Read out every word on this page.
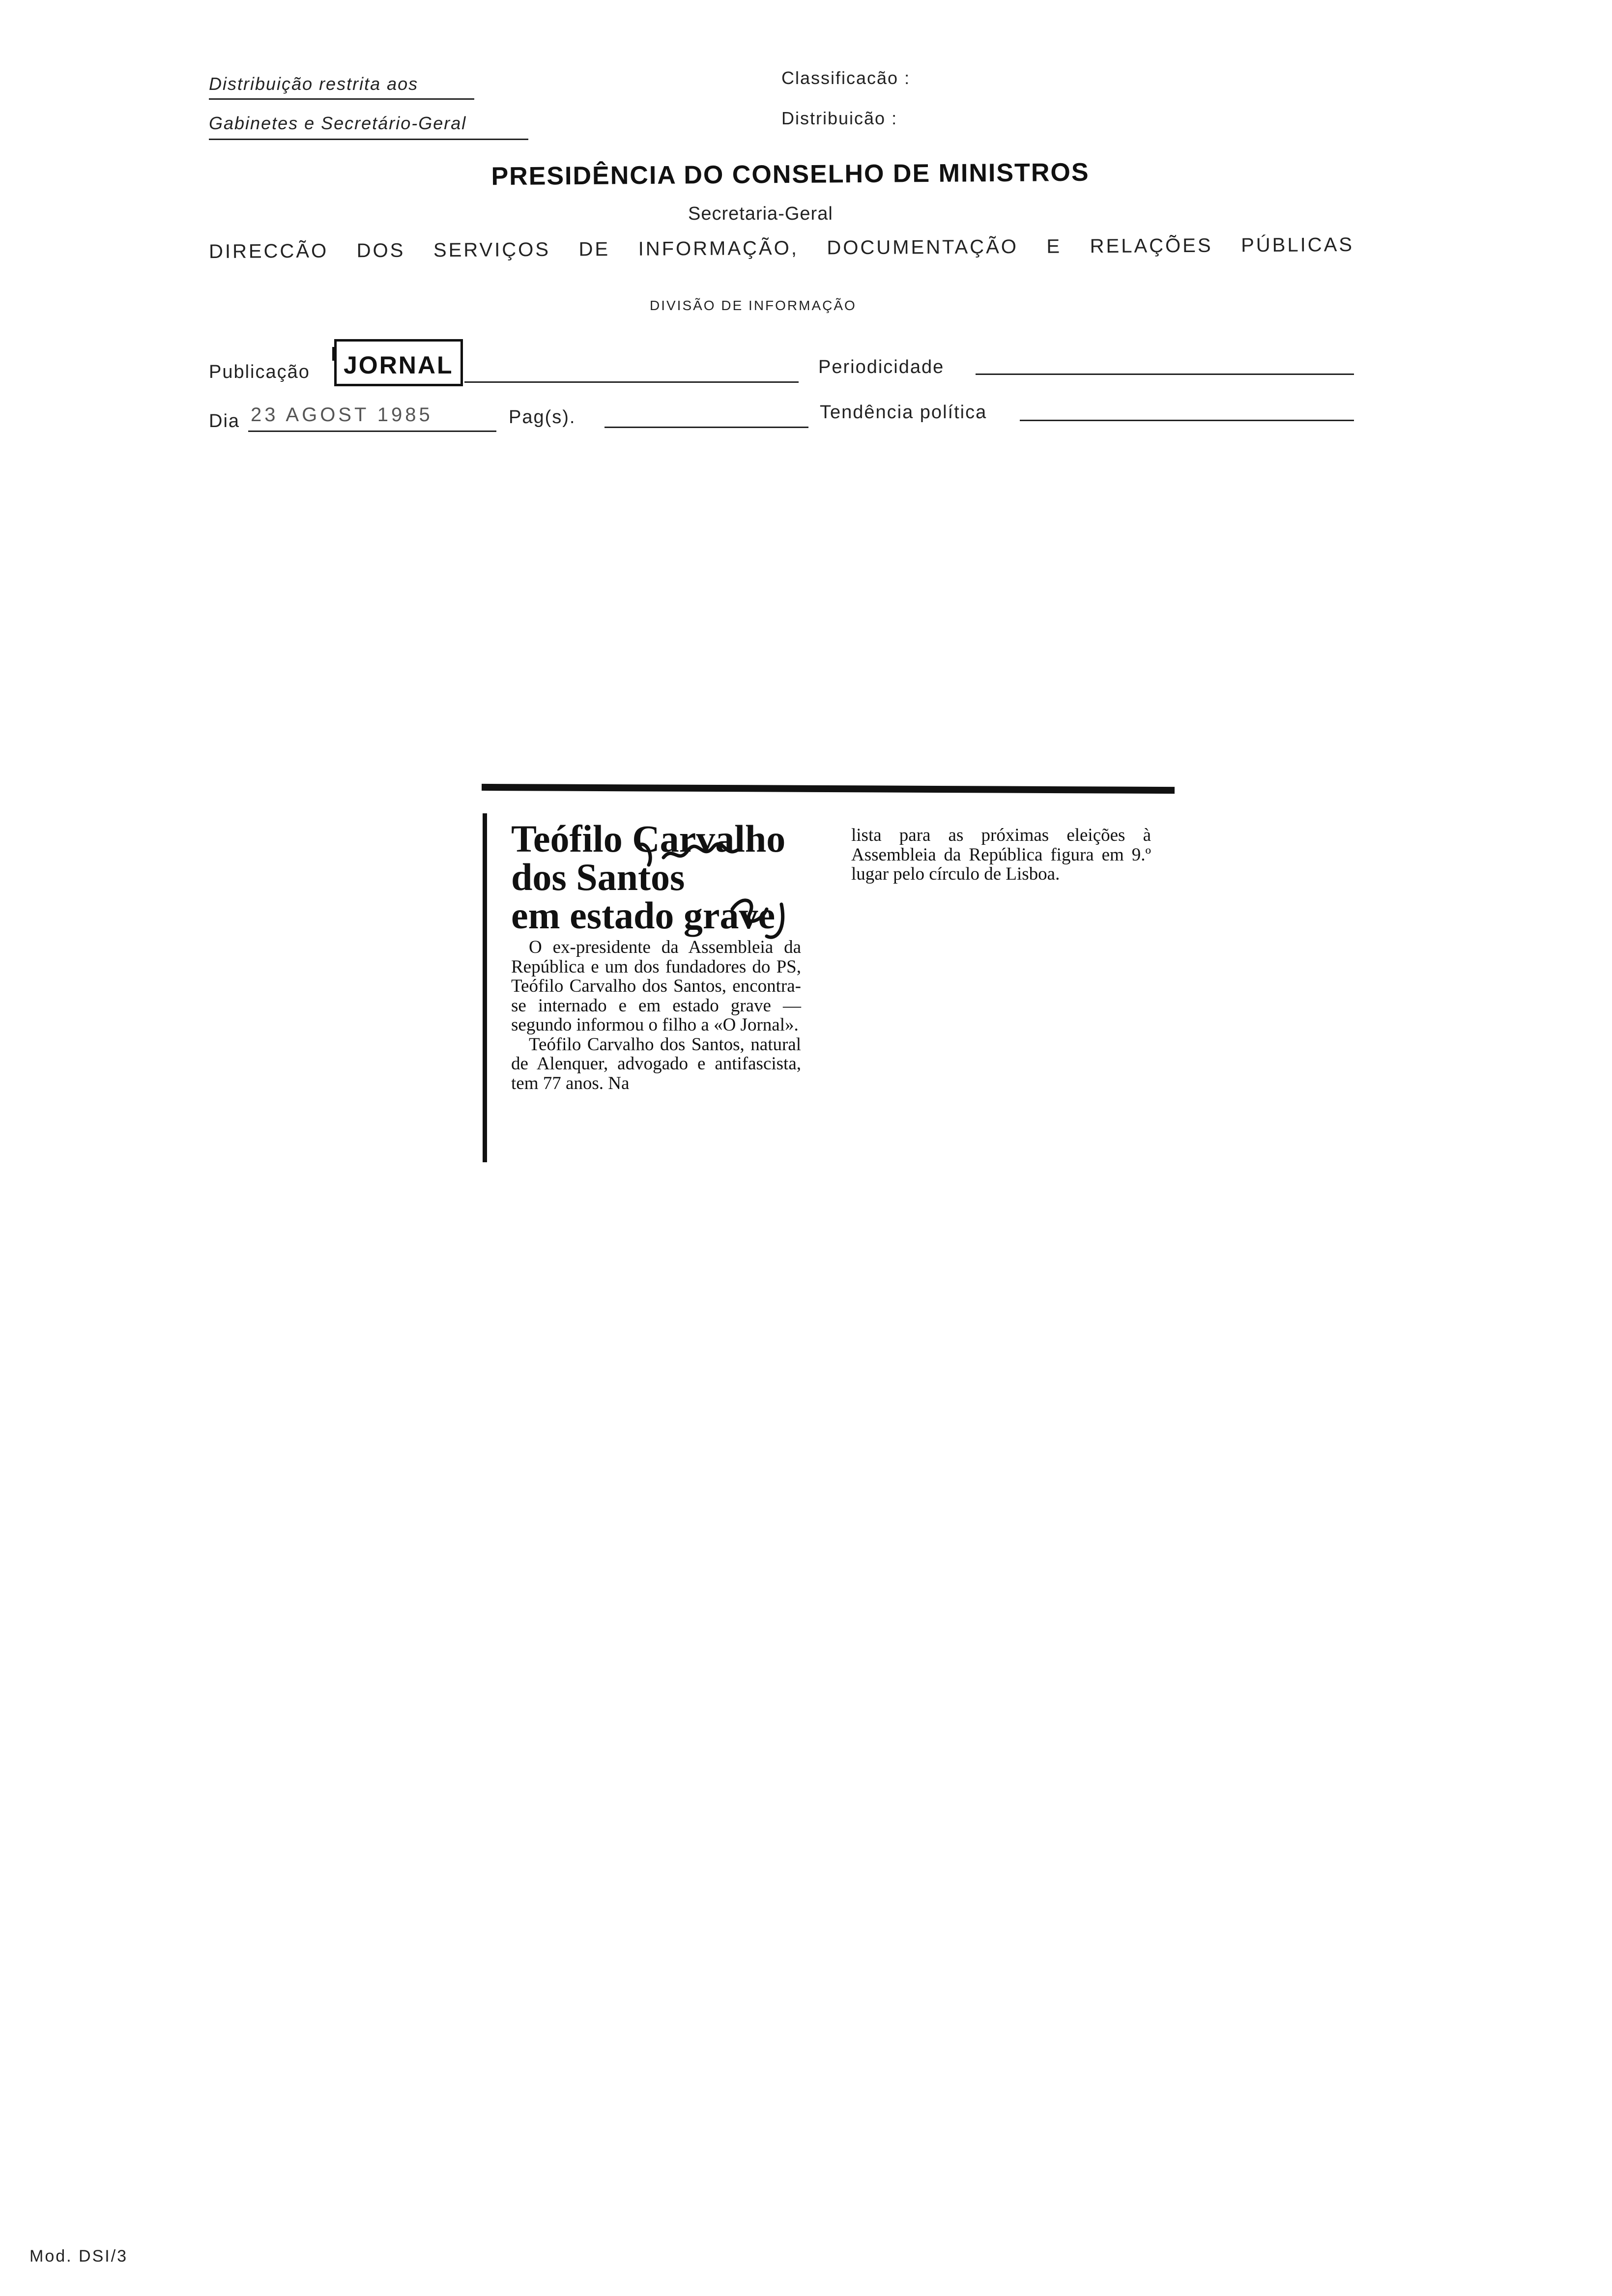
Distribuição restrita aos
Gabinetes e Secretário-Geral
Classificacão :
Distribuicão :
PRESIDÊNCIA DO CONSELHO DE MINISTROS
Secretaria-Geral
DIRECCÃO DOS SERVIÇOS DE INFORMAÇÃO, DOCUMENTAÇÃO E RELAÇÕES PÚBLICAS
DIVISÃO DE INFORMAÇÃO
Publicação	JORNAL	Periodicidade
Dia 23 AGOST 1985	Pag(s).	Tendência política
Teófilo Carvalho
dos Santos
em estado grave

O ex-presidente da Assembleia da República e um dos fundadores do PS, Teófilo Carvalho dos Santos, encontra-se internado e em estado grave — segundo informou o filho a «O Jornal».

Teófilo Carvalho dos Santos, natural de Alenquer, advogado e antifascista, tem 77 anos. Na

lista para as próximas eleições à Assembleia da República figura em 9.º lugar pelo círculo de Lisboa.

Mod. DSI/3
